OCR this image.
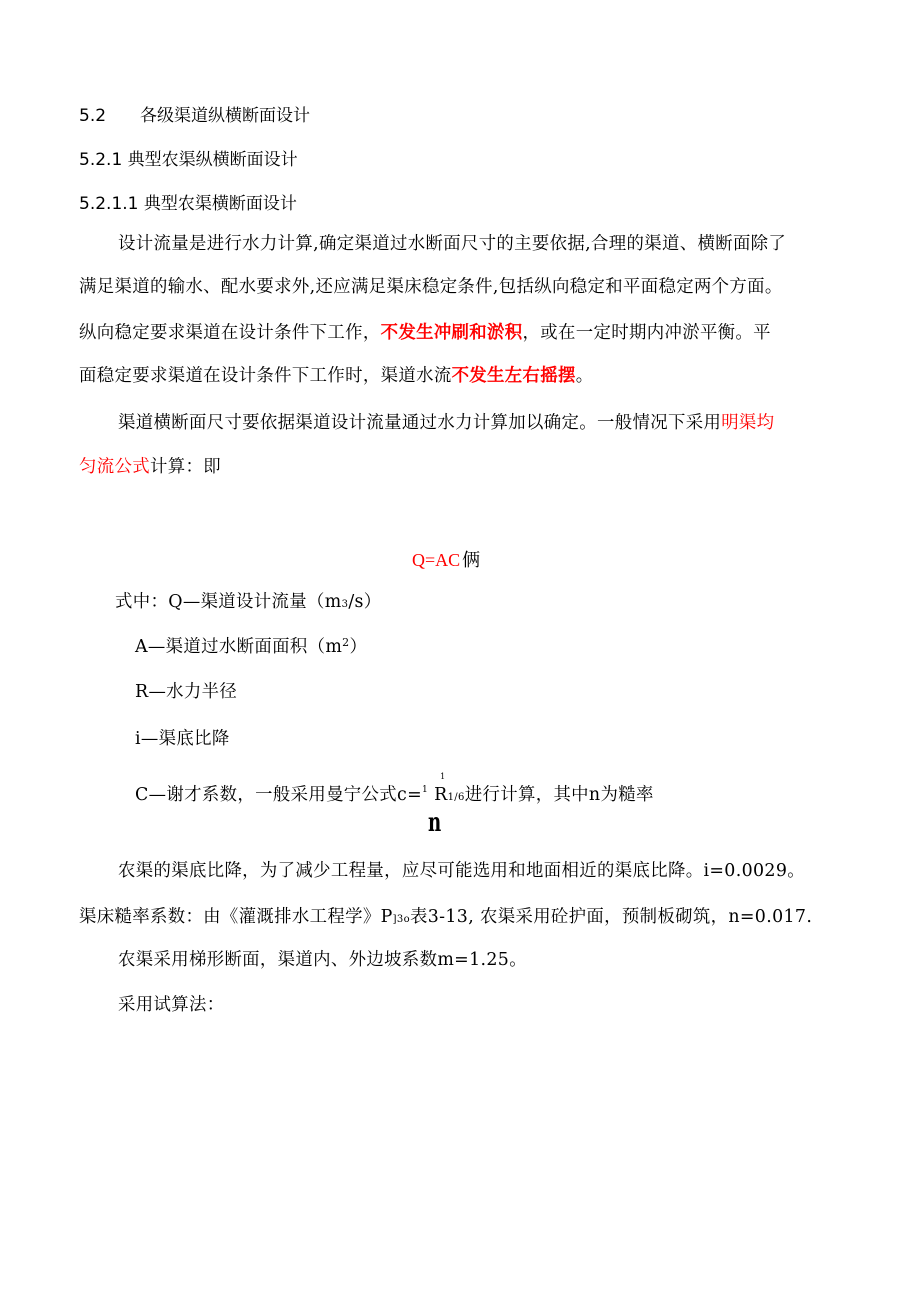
5.2 各级渠道纵横断面设计
5.2.1 典型农渠纵横断面设计
5.2.1.1 典型农渠横断面设计
设计流量是进行水力计算,确定渠道过水断面尺寸的主要依据,合理的渠道、横断面除了
满足渠道的输水、配水要求外,还应满足渠床稳定条件,包括纵向稳定和平面稳定两个方面。
纵向稳定要求渠道在设计条件下工作，不发生冲刷和淤积，或在一定时期内冲淤平衡。平
面稳定要求渠道在设计条件下工作时，渠道水流不发生左右摇摆。
渠道横断面尺寸要依据渠道设计流量通过水力计算加以确定。一般情况下采用明渠均
匀流公式计算：即
Q=AC 俩
式中：Q—渠道设计流量（m3/s）
A—渠道过水断面面积$(m^2)$
R—水力半径
i—渠底比降
C—谢才系数，一般采用曼宁公式c=$^1$ R
1
1/6进行计算，其中n为糙率
n
农渠的渠底比降，为了减少工程量，应尽可能选用和地面相近的渠底比降。i=0.0029。
渠床糙率系数：由《灌溉排水工程学》P]3o表3-13, 农渠采用砼护面，预制板砌筑，n=0.017.
农渠采用梯形断面，渠道内、外边坡系数m=1.25。
采用试算法：
